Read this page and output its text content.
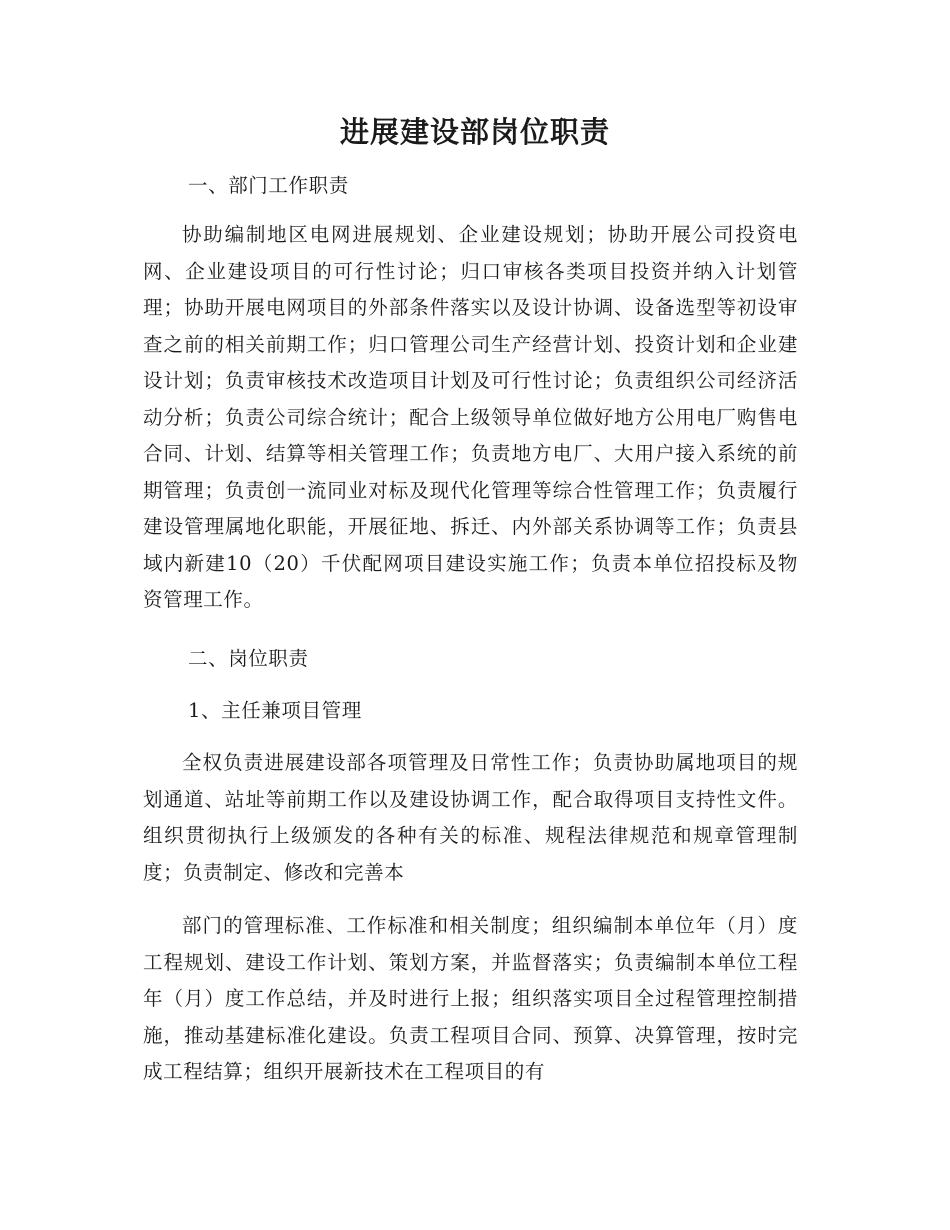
进展建设部岗位职责

一、部门工作职责

协助编制地区电网进展规划、企业建设规划；协助开展公司投资电网、企业建设项目的可行性讨论；归口审核各类项目投资并纳入计划管理；协助开展电网项目的外部条件落实以及设计协调、设备选型等初设审查之前的相关前期工作；归口管理公司生产经营计划、投资计划和企业建设计划；负责审核技术改造项目计划及可行性讨论；负责组织公司经济活动分析；负责公司综合统计；配合上级领导单位做好地方公用电厂购售电合同、计划、结算等相关管理工作；负责地方电厂、大用户接入系统的前期管理；负责创一流同业对标及现代化管理等综合性管理工作；负责履行建设管理属地化职能，开展征地、拆迁、内外部关系协调等工作；负责县域内新建10（20）千伏配网项目建设实施工作；负责本单位招投标及物资管理工作。

二、岗位职责

1、主任兼项目管理

全权负责进展建设部各项管理及日常性工作；负责协助属地项目的规划通道、站址等前期工作以及建设协调工作，配合取得项目支持性文件。组织贯彻执行上级颁发的各种有关的标准、规程法律规范和规章管理制度；负责制定、修改和完善本

部门的管理标准、工作标准和相关制度；组织编制本单位年（月）度工程规划、建设工作计划、策划方案，并监督落实；负责编制本单位工程年（月）度工作总结，并及时进行上报；组织落实项目全过程管理控制措施，推动基建标准化建设。负责工程项目合同、预算、决算管理，按时完成工程结算；组织开展新技术在工程项目的有
